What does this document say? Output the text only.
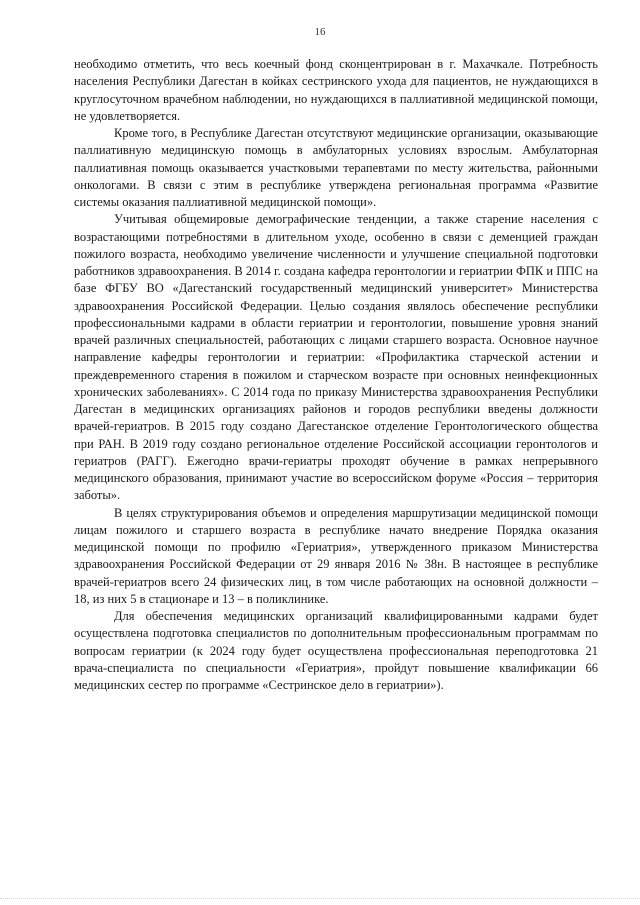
16

необходимо отметить, что весь коечный фонд сконцентрирован в г. Махачкале. Потребность населения Республики Дагестан в койках сестринского ухода для пациентов, не нуждающихся в круглосуточном врачебном наблюдении, но нуждающихся в паллиативной медицинской помощи, не удовлетворяется.

Кроме того, в Республике Дагестан отсутствуют медицинские организации, оказывающие паллиативную медицинскую помощь в амбулаторных условиях взрослым. Амбулаторная паллиативная помощь оказывается участковыми терапевтами по месту жительства, районными онкологами. В связи с этим в республике утверждена региональная программа «Развитие системы оказания паллиативной медицинской помощи».

Учитывая общемировые демографические тенденции, а также старение населения с возрастающими потребностями в длительном уходе, особенно в связи с деменцией граждан пожилого возраста, необходимо увеличение численности и улучшение специальной подготовки работников здравоохранения. В 2014 г. создана кафедра геронтологии и гериатрии ФПК и ППС на базе ФГБУ ВО «Дагестанский государственный медицинский университет» Министерства здравоохранения Российской Федерации. Целью создания являлось обеспечение республики профессиональными кадрами в области гериатрии и геронтологии, повышение уровня знаний врачей различных специальностей, работающих с лицами старшего возраста. Основное научное направление кафедры геронтологии и гериатрии: «Профилактика старческой астении и преждевременного старения в пожилом и старческом возрасте при основных неинфекционных хронических заболеваниях». С 2014 года по приказу Министерства здравоохранения Республики Дагестан в медицинских организациях районов и городов республики введены должности врачей-гериатров. В 2015 году создано Дагестанское отделение Геронтологического общества при РАН. В 2019 году создано региональное отделение Российской ассоциации геронтологов и гериатров (РАГГ). Ежегодно врачи-гериатры проходят обучение в рамках непрерывного медицинского образования, принимают участие во всероссийском форуме «Россия – территория заботы».

В целях структурирования объемов и определения маршрутизации медицинской помощи лицам пожилого и старшего возраста в республике начато внедрение Порядка оказания медицинской помощи по профилю «Гериатрия», утвержденного приказом Министерства здравоохранения Российской Федерации от 29 января 2016 № 38н. В настоящее в республике врачей-гериатров всего 24 физических лиц, в том числе работающих на основной должности – 18, из них 5 в стационаре и 13 – в поликлинике.

Для обеспечения медицинских организаций квалифицированными кадрами будет осуществлена подготовка специалистов по дополнительным профессиональным программам по вопросам гериатрии (к 2024 году будет осуществлена профессиональная переподготовка 21 врача-специалиста по специальности «Гериатрия», пройдут повышение квалификации 66 медицинских сестер по программе «Сестринское дело в гериатрии»).
